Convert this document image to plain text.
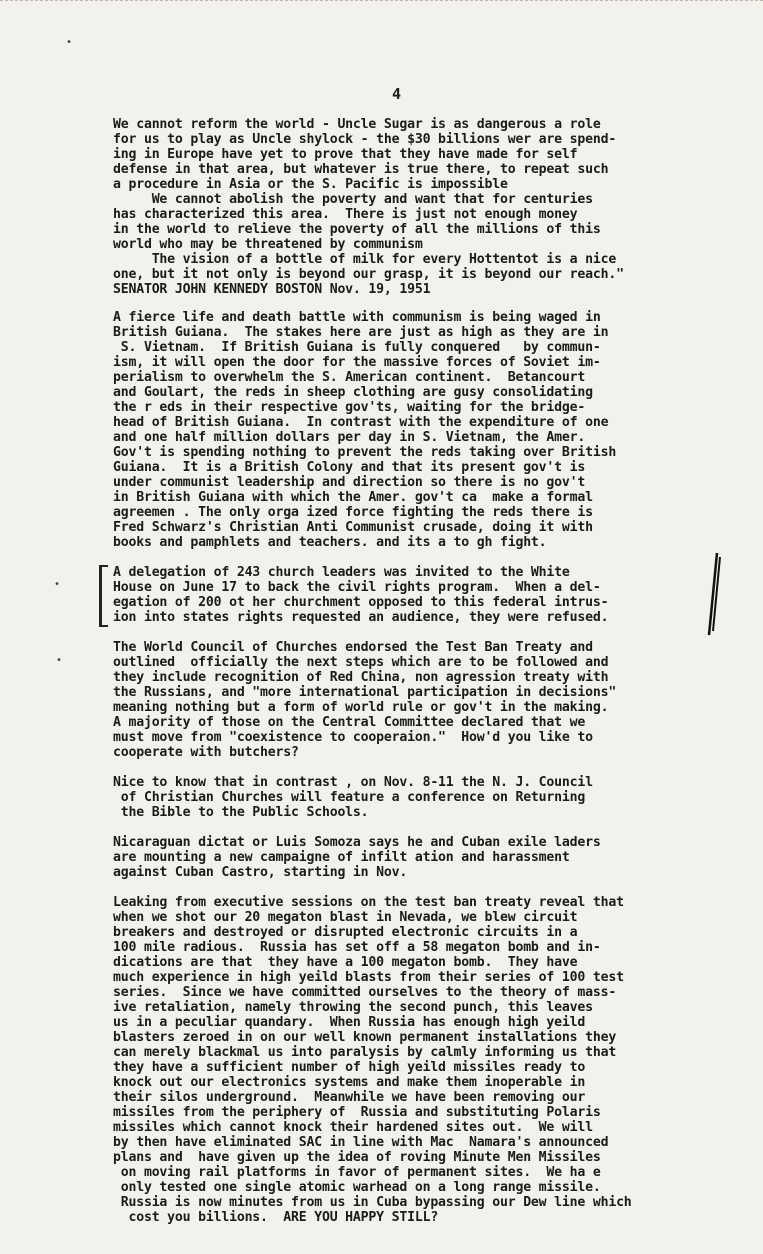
4
•
•
•
We cannot reform the world - Uncle Sugar is as dangerous a role
for us to play as Uncle shylock - the $30 billions wer are spend-
ing in Europe have yet to prove that they have made for self
defense in that area, but whatever is true there, to repeat such
a procedure in Asia or the S. Pacific is impossible
We cannot abolish the poverty and want that for centuries
has characterized this area.  There is just not enough money
in the world to relieve the poverty of all the millions of this
world who may be threatened by communism
The vision of a bottle of milk for every Hottentot is a nice
one, but it not only is beyond our grasp, it is beyond our reach."
SENATOR JOHN KENNEDY BOSTON Nov. 19, 1951
A fierce life and death battle with communism is being waged in
British Guiana.  The stakes here are just as high as they are in
S. Vietnam.  If British Guiana is fully conquered   by commun-
ism, it will open the door for the massive forces of Soviet im-
perialism to overwhelm the S. American continent.  Betancourt
and Goulart, the reds in sheep clothing are gusy consolidating
the r eds in their respective gov'ts, waiting for the bridge-
head of British Guiana.  In contrast with the expenditure of one
and one half million dollars per day in S. Vietnam, the Amer.
Gov't is spending nothing to prevent the reds taking over British
Guiana.  It is a British Colony and that its present gov't is
under communist leadership and direction so there is no gov't
in British Guiana with which the Amer. gov't ca  make a formal
agreemen . The only orga ized force fighting the reds there is
Fred Schwarz's Christian Anti Communist crusade, doing it with
books and pamphlets and teachers. and its a to gh fight.
A delegation of 243 church leaders was invited to the White
House on June 17 to back the civil rights program.  When a del-
egation of 200 ot her churchment opposed to this federal intrus-
ion into states rights requested an audience, they were refused.
The World Council of Churches endorsed the Test Ban Treaty and
outlined  officially the next steps which are to be followed and
they include recognition of Red China, non agression treaty with
the Russians, and "more international participation in decisions"
meaning nothing but a form of world rule or gov't in the making.
A majority of those on the Central Committee declared that we
must move from "coexistence to cooperaion."  How'd you like to
cooperate with butchers?
Nice to know that in contrast , on Nov. 8-11 the N. J. Council
of Christian Churches will feature a conference on Returning
the Bible to the Public Schools.
Nicaraguan dictat or Luis Somoza says he and Cuban exile laders
are mounting a new campaigne of infilt ation and harassment
against Cuban Castro, starting in Nov.
Leaking from executive sessions on the test ban treaty reveal that
when we shot our 20 megaton blast in Nevada, we blew circuit
breakers and destroyed or disrupted electronic circuits in a
100 mile radious.  Russia has set off a 58 megaton bomb and in-
dications are that  they have a 100 megaton bomb.  They have
much experience in high yeild blasts from their series of 100 test
series.  Since we have committed ourselves to the theory of mass-
ive retaliation, namely throwing the second punch, this leaves
us in a peculiar quandary.  When Russia has enough high yeild
blasters zeroed in on our well known permanent installations they
can merely blackmal us into paralysis by calmly informing us that
they have a sufficient number of high yeild missiles ready to
knock out our electronics systems and make them inoperable in
their silos underground.  Meanwhile we have been removing our
missiles from the periphery of  Russia and substituting Polaris
missiles which cannot knock their hardened sites out.  We will
by then have eliminated SAC in line with Mac  Namara's announced
plans and  have given up the idea of roving Minute Men Missiles
on moving rail platforms in favor of permanent sites.  We ha e
only tested one single atomic warhead on a long range missile.
Russia is now minutes from us in Cuba bypassing our Dew line which
cost you billions.  ARE YOU HAPPY STILL?
